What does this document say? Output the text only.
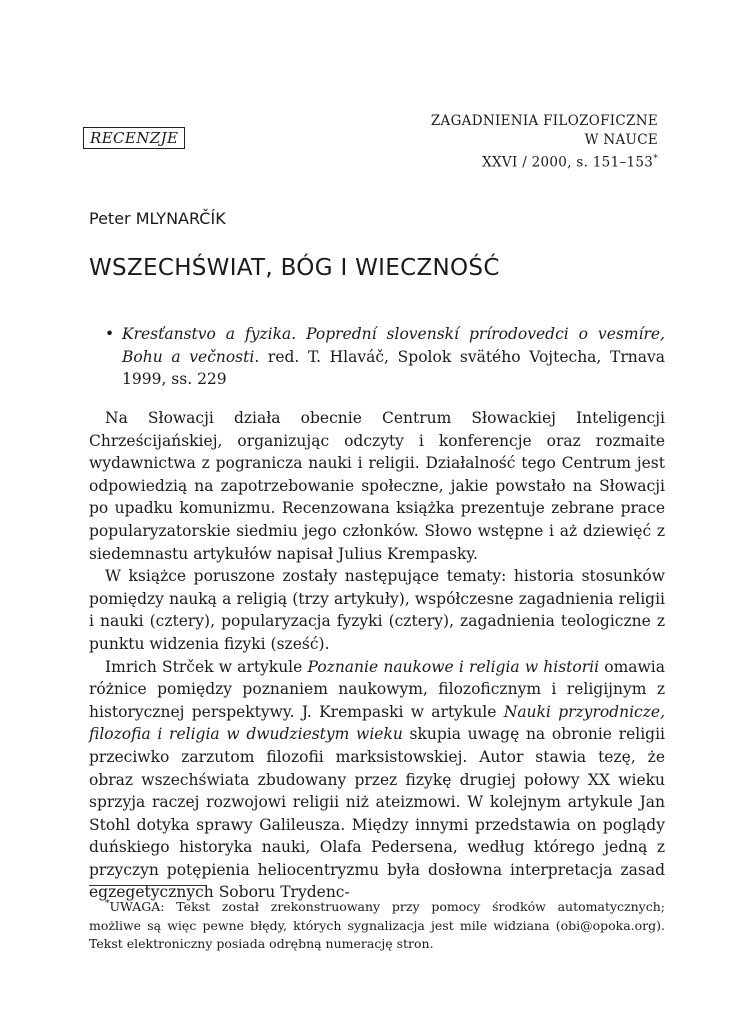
RECENZJE
ZAGADNIENIA FILOZOFICZNE
W NAUCE
XXVI / 2000, s. 151–153*
Peter MLYNARČÍK
WSZECHŚWIAT, BÓG I WIECZNOŚĆ
• Kresťanstvo a fyzika. Poprední slovenskí prírodovedci o vesmíre, Bohu a večnosti. red. T. Hlaváč, Spolok svätého Vojtecha, Trnava 1999, ss. 229

Na Słowacji działa obecnie Centrum Słowackiej Inteligencji Chrześcijańskiej, organizując odczyty i konferencje oraz rozmaite wydawnictwa z pogranicza nauki i religii. Działalność tego Centrum jest odpowiedzią na zapotrzebowanie społeczne, jakie powstało na Słowacji po upadku komunizmu. Recenzowana książka prezentuje zebrane prace popularyzatorskie siedmiu jego członków. Słowo wstępne i aż dziewięć z siedemnastu artykułów napisał Julius Krempasky.

W książce poruszone zostały następujące tematy: historia stosunków pomiędzy nauką a religią (trzy artykuły), współczesne zagadnienia religii i nauki (cztery), popularyzacja fyzyki (cztery), zagadnienia teologiczne z punktu widzenia fizyki (sześć).

Imrich Strček w artykule Poznanie naukowe i religia w historii omawia różnice pomiędzy poznaniem naukowym, filozoficznym i religijnym z historycznej perspektywy. J. Krempaski w artykule Nauki przyrodnicze, filozofia i religia w dwudziestym wieku skupia uwagę na obronie religii przeciwko zarzutom filozofii marksistowskiej. Autor stawia tezę, że obraz wszechświata zbudowany przez fizykę drugiej połowy XX wieku sprzyja raczej rozwojowi religii niż ateizmowi. W kolejnym artykule Jan Stohl dotyka sprawy Galileusza. Między innymi przedstawia on poglądy duńskiego historyka nauki, Olafa Pedersena, według którego jedną z przyczyn potępienia heliocentryzmu była dosłowna interpretacja zasad egzegetycznych Soboru Trydenc-

*UWAGA: Tekst został zrekonstruowany przy pomocy środków automatycznych; możliwe są więc pewne błędy, których sygnalizacja jest mile widziana (obi@opoka.org). Tekst elektroniczny posiada odrębną numerację stron.
